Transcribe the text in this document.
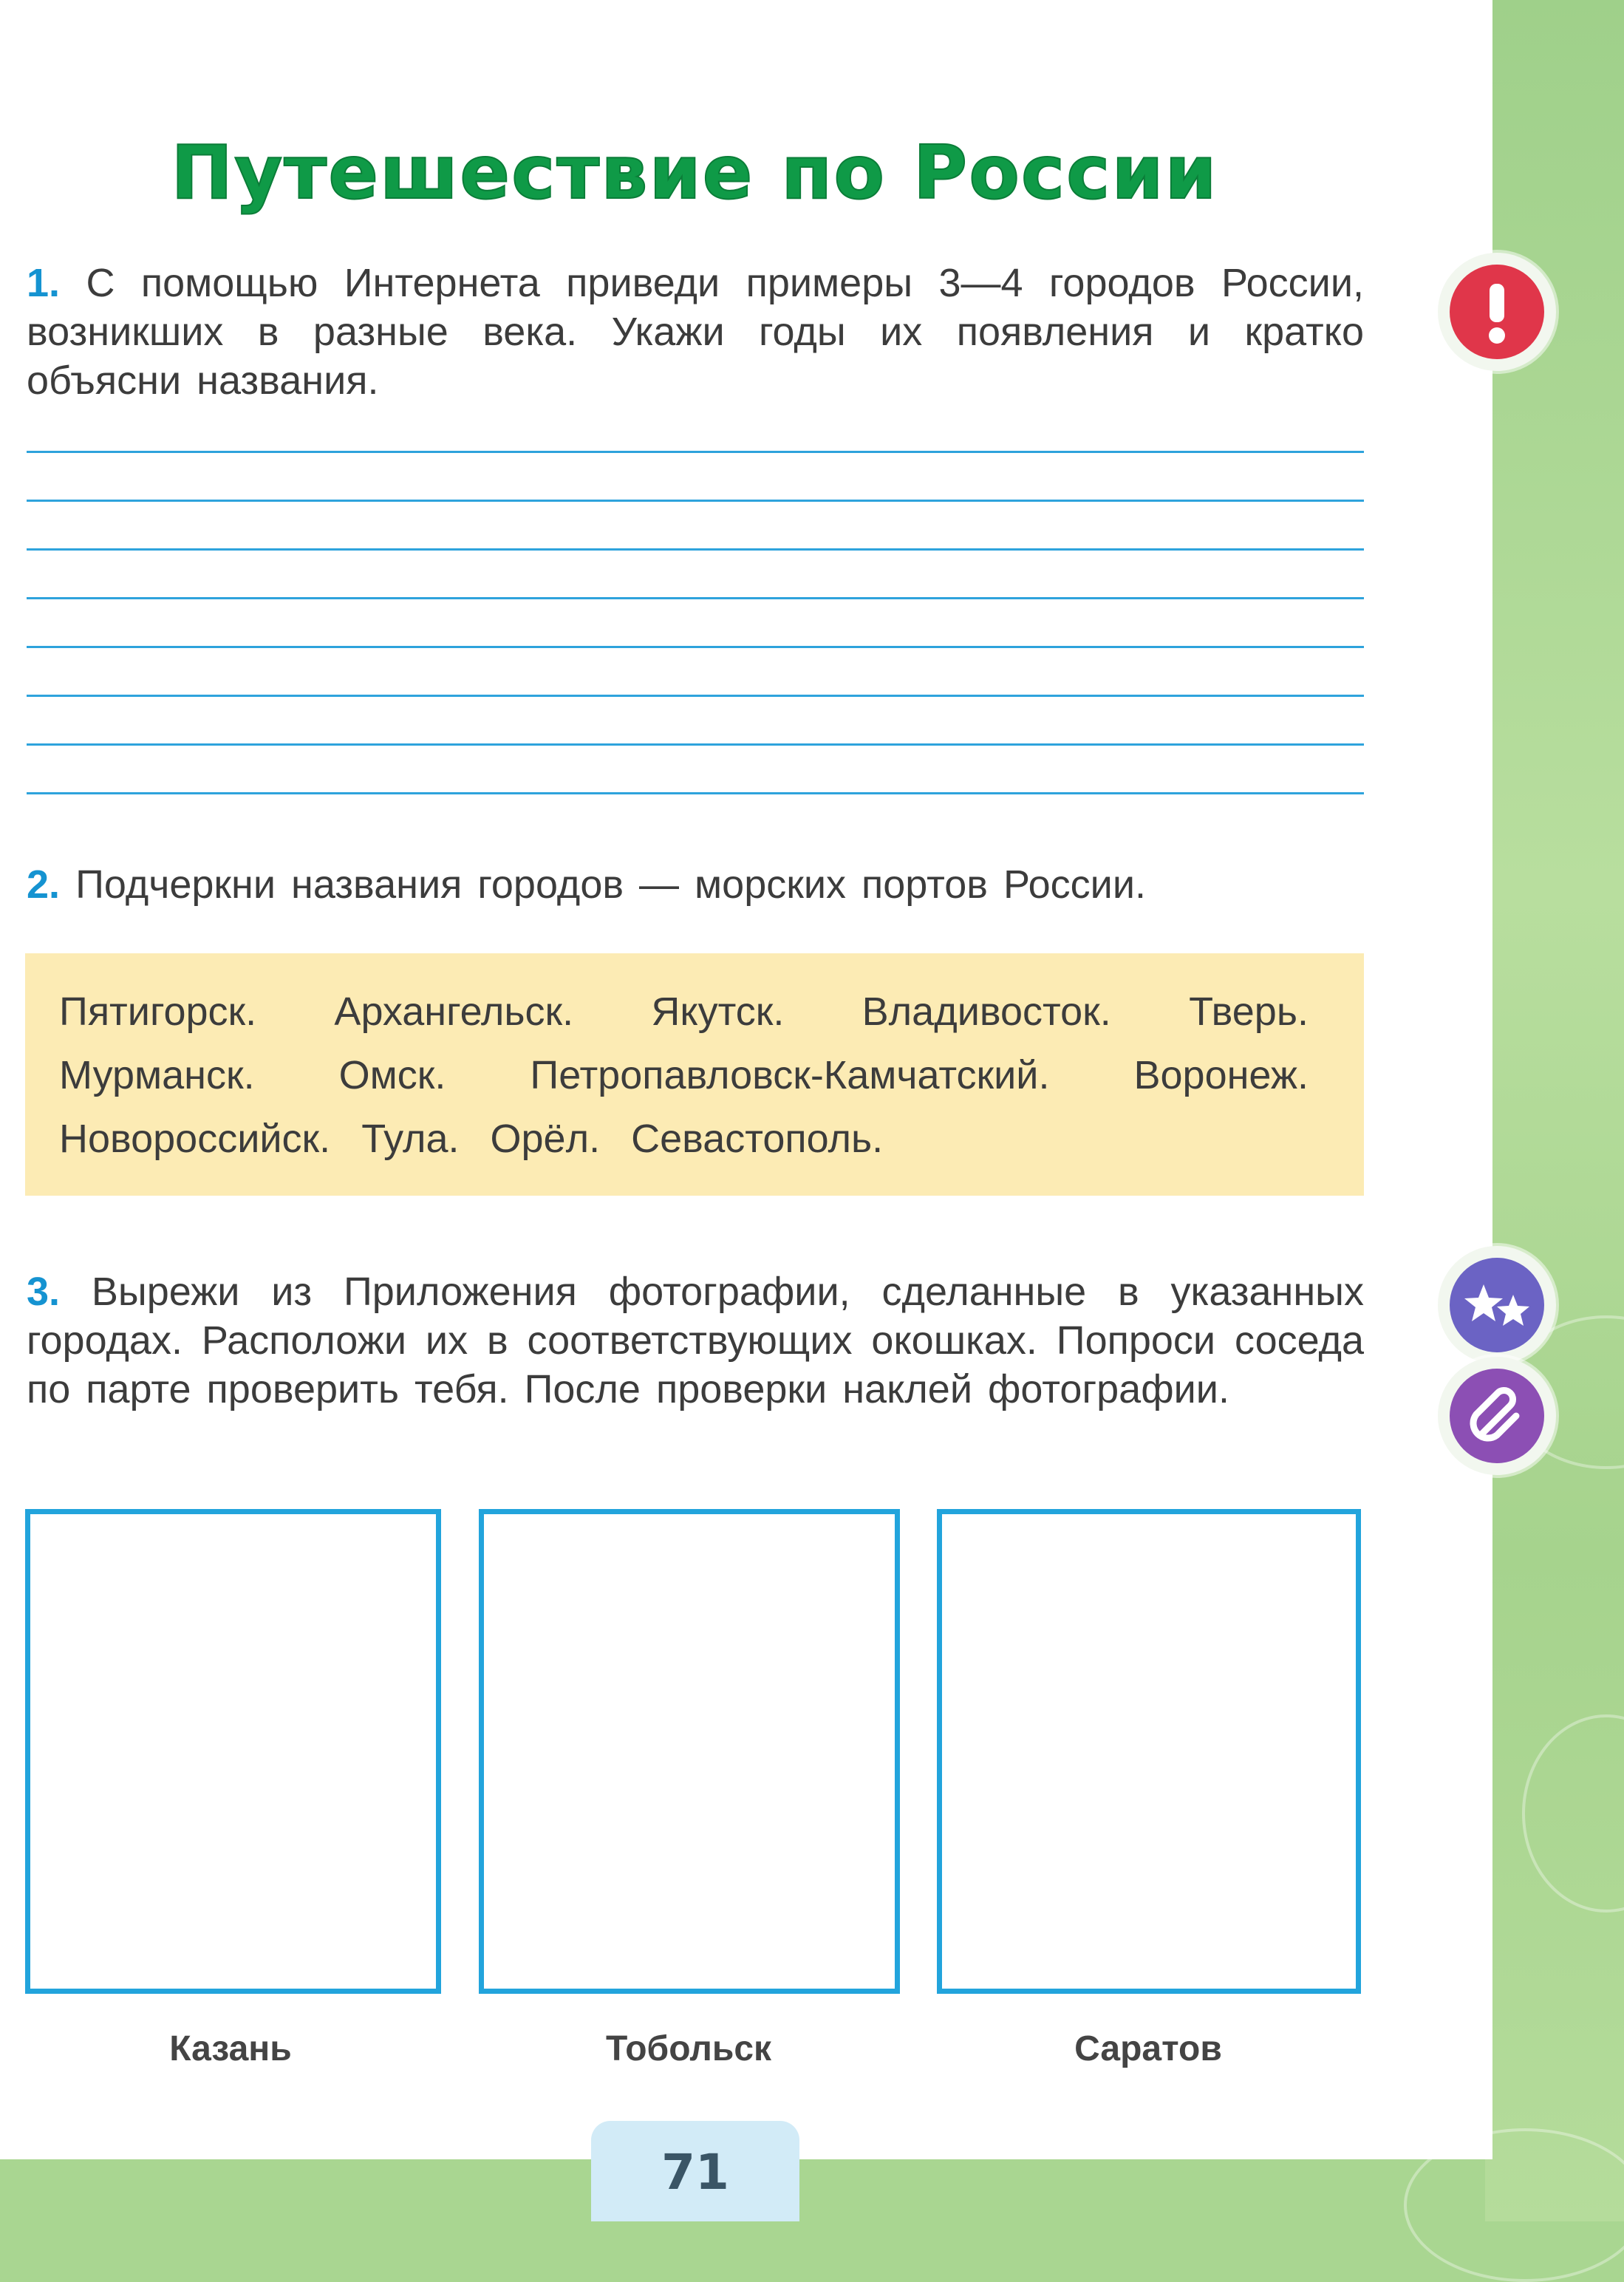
Путешествие по России
1. С помощью Интернета приведи примеры 3—4 городов России, возникших в разные века. Укажи годы их появления и кратко объясни названия.
2. Подчеркни названия городов — морских портов России.
Пятигорск. Архангельск. Якутск. Владивосток. Тверь. Мурманск. Омск. Петропавловск-Камчатский. Воронеж. Новороссийск. Тула. Орёл. Севастополь.
3. Вырежи из Приложения фотографии, сделанные в указанных городах. Расположи их в соответствующих окошках. Попроси соседа по парте проверить тебя. После проверки наклей фотографии.
Казань	Тобольск	Саратов
71
